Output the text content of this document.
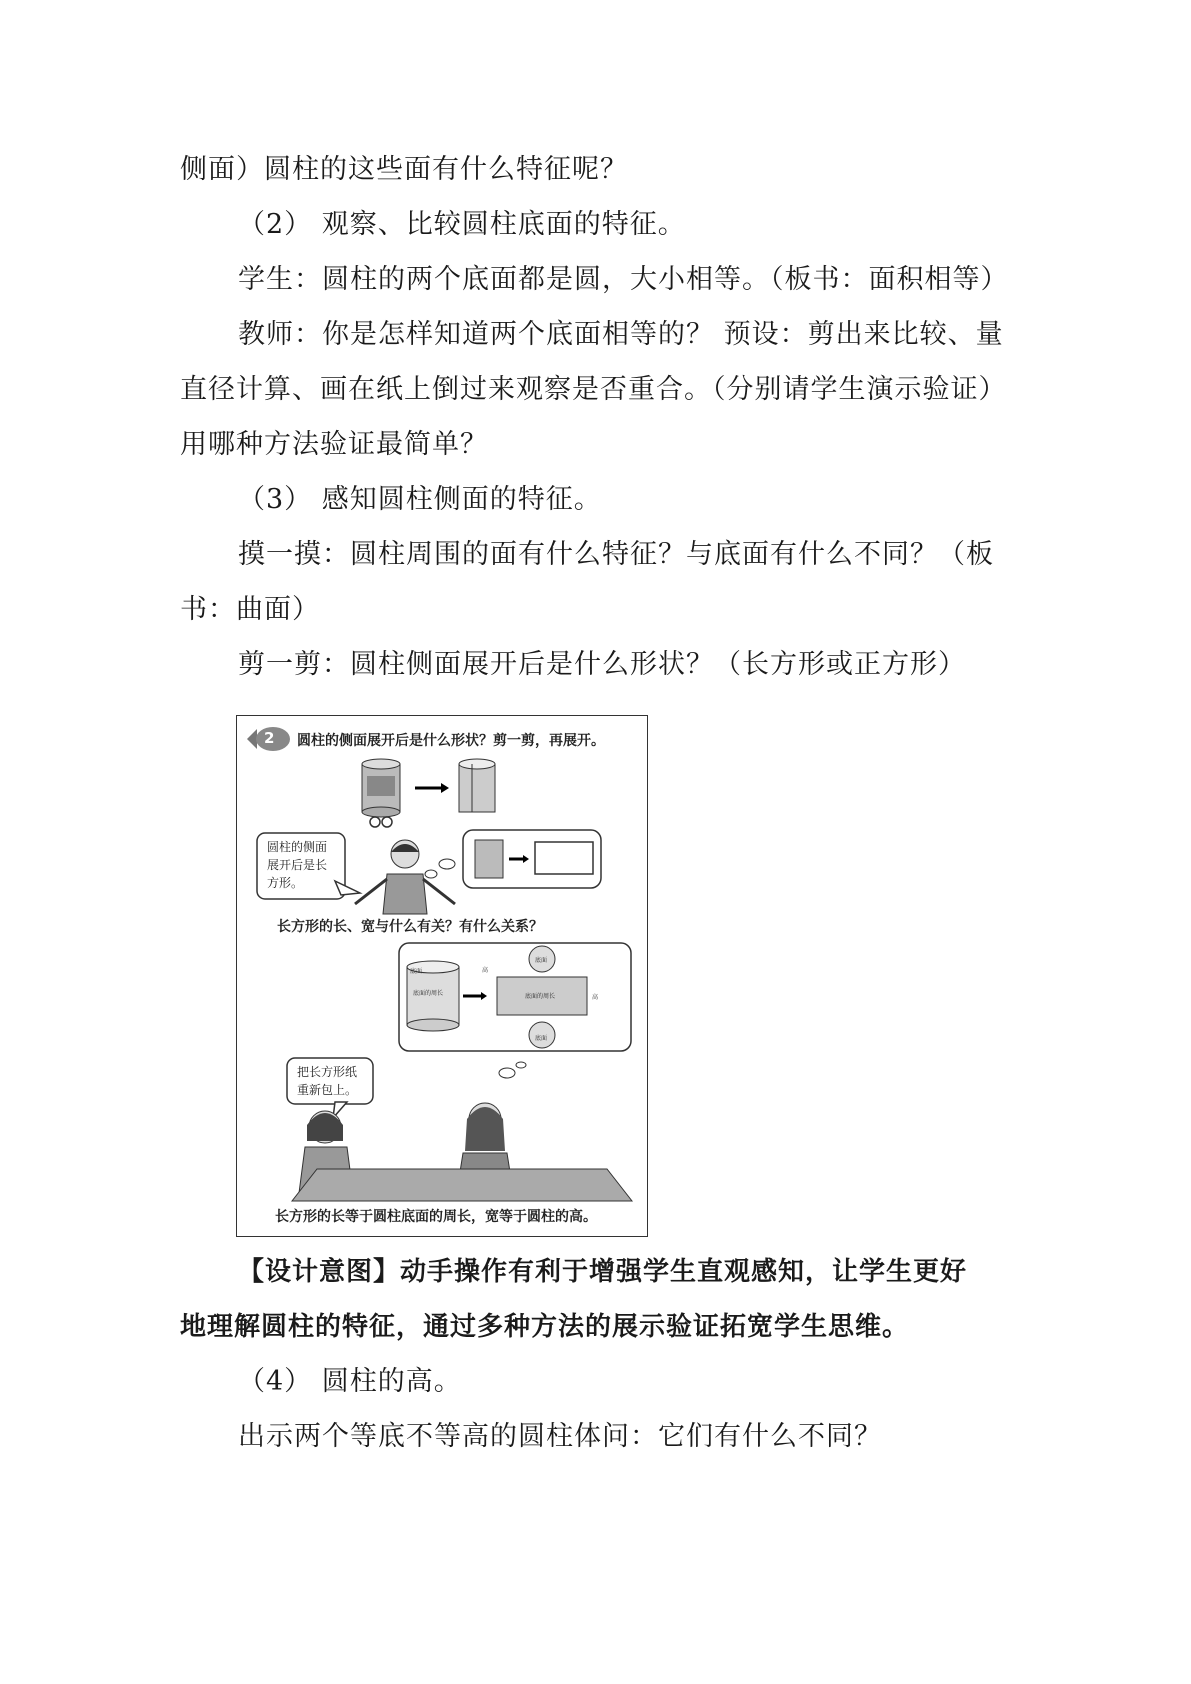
侧面）圆柱的这些面有什么特征呢？
（2） 观察、比较圆柱底面的特征。
学生：圆柱的两个底面都是圆，大小相等。（板书：面积相等）
教师：你是怎样知道两个底面相等的？ 预设：剪出来比较、量
直径计算、画在纸上倒过来观察是否重合。（分别请学生演示验证）
用哪种方法验证最简单？
（3） 感知圆柱侧面的特征。
摸一摸：圆柱周围的面有什么特征？与底面有什么不同？（板
书：曲面）
剪一剪：圆柱侧面展开后是什么形状？（长方形或正方形）
2 圆柱的侧面展开后是什么形状？剪一剪，再展开。
圆柱的侧面
展开后是长
方形。
长方形的长、宽与什么有关？有什么关系？
底面
底面的周长
高
底面
底面的周长
底面
高
把长方形纸
重新包上。
长方形的长等于圆柱底面的周长，宽等于圆柱的高。
【设计意图】动手操作有利于增强学生直观感知，让学生更好
地理解圆柱的特征，通过多种方法的展示验证拓宽学生思维。
（4） 圆柱的高。
出示两个等底不等高的圆柱体问：它们有什么不同？
